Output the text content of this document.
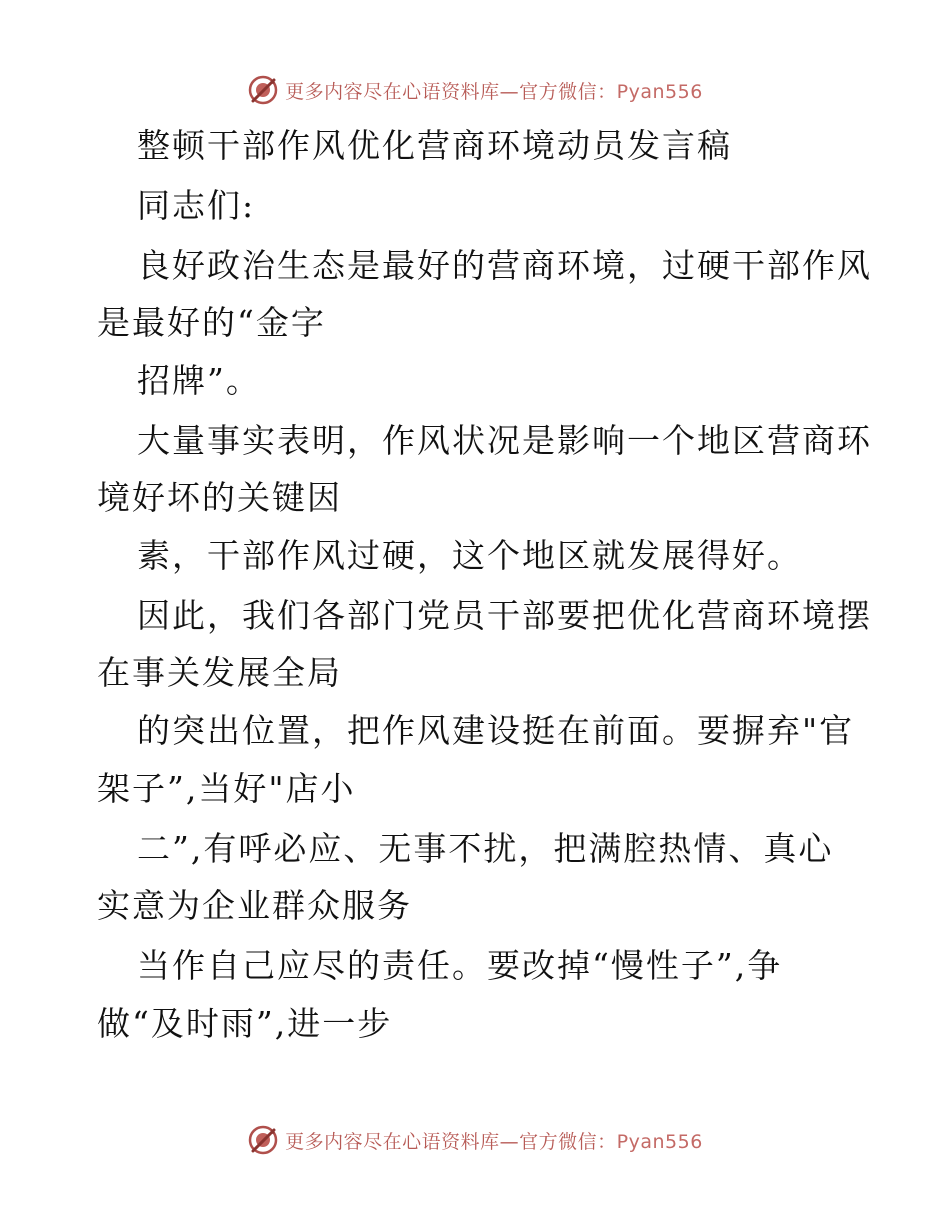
更多内容尽在心语资料库—官方微信：Pyan556
整顿干部作风优化营商环境动员发言稿
同志们:
良好政治生态是最好的营商环境，过硬干部作风
是最好的“金字
招牌”。
大量事实表明，作风状况是影响一个地区营商环
境好坏的关键因
素，干部作风过硬，这个地区就发展得好。
因此，我们各部门党员干部要把优化营商环境摆
在事关发展全局
的突出位置，把作风建设挺在前面。要摒弃"官
架子”,当好"店小
二”,有呼必应、无事不扰，把满腔热情、真心
实意为企业群众服务
当作自己应尽的责任。要改掉“慢性子”,争
做“及时雨”,进一步
更多内容尽在心语资料库—官方微信：Pyan556
